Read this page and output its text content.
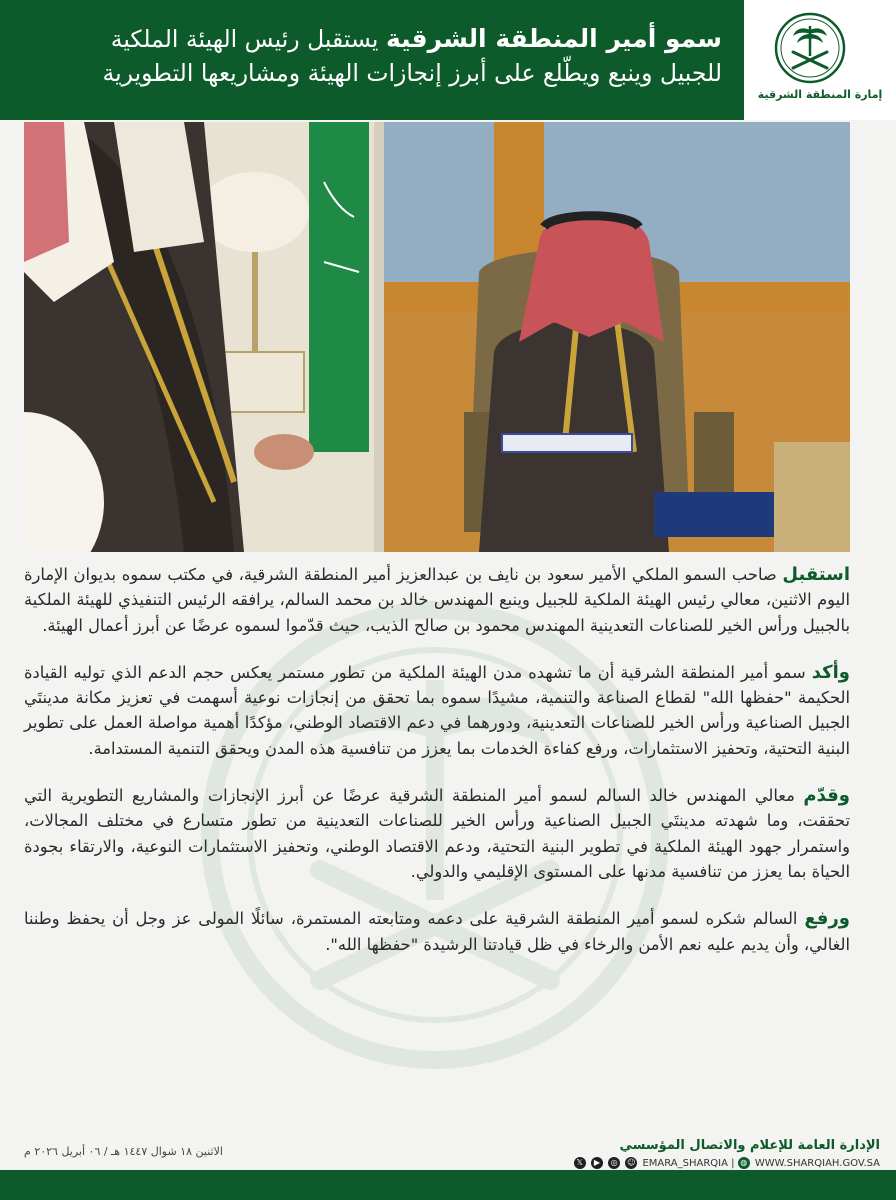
سمو أمير المنطقة الشرقية يستقبل رئيس الهيئة الملكية
للجبيل وينبع ويطّلع على أبرز إنجازات الهيئة ومشاريعها التطويرية
إمارة المنطقة الشرقية

استقبل صاحب السمو الملكي الأمير سعود بن نايف بن عبدالعزيز أمير المنطقة الشرقية، في مكتب سموه بديوان الإمارة اليوم الاثنين، معالي رئيس الهيئة الملكية للجبيل وينبع المهندس خالد بن محمد السالم، يرافقه الرئيس التنفيذي للهيئة الملكية بالجبيل ورأس الخير للصناعات التعدينية المهندس محمود بن صالح الذيب، حيث قدّموا لسموه عرضًا عن أبرز أعمال الهيئة.

وأكد سمو أمير المنطقة الشرقية أن ما تشهده مدن الهيئة الملكية من تطور مستمر يعكس حجم الدعم الذي توليه القيادة الحكيمة "حفظها الله" لقطاع الصناعة والتنمية، مشيدًا سموه بما تحقق من إنجازات نوعية أسهمت في تعزيز مكانة مدينتَي الجبيل الصناعية ورأس الخير للصناعات التعدينية، ودورهما في دعم الاقتصاد الوطني، مؤكدًا أهمية مواصلة العمل على تطوير البنية التحتية، وتحفيز الاستثمارات، ورفع كفاءة الخدمات بما يعزز من تنافسية هذه المدن ويحقق التنمية المستدامة.

وقدّم معالي المهندس خالد السالم لسمو أمير المنطقة الشرقية عرضًا عن أبرز الإنجازات والمشاريع التطويرية التي تحققت، وما شهدته مدينتَي الجبيل الصناعية ورأس الخير للصناعات التعدينية من تطور متسارع في مختلف المجالات، واستمرار جهود الهيئة الملكية في تطوير البنية التحتية، ودعم الاقتصاد الوطني، وتحفيز الاستثمارات النوعية، والارتقاء بجودة الحياة بما يعزز من تنافسية مدنها على المستوى الإقليمي والدولي.

ورفع السالم شكره لسمو أمير المنطقة الشرقية على دعمه ومتابعته المستمرة، سائلًا المولى عز وجل أن يحفظ وطننا الغالي، وأن يديم عليه نعم الأمن والرخاء في ظل قيادتنا الرشيدة "حفظها الله".

الاثنين ١٨ شوال ١٤٤٧ هـ / ٠٦ أبريل ٢٠٢٦ م	الإدارة العامة للإعلام والاتصال المؤسسي
𝕏 ▶ ◎ ☺ EMARA_SHARQIA | ◍ WWW.SHARQIAH.GOV.SA
